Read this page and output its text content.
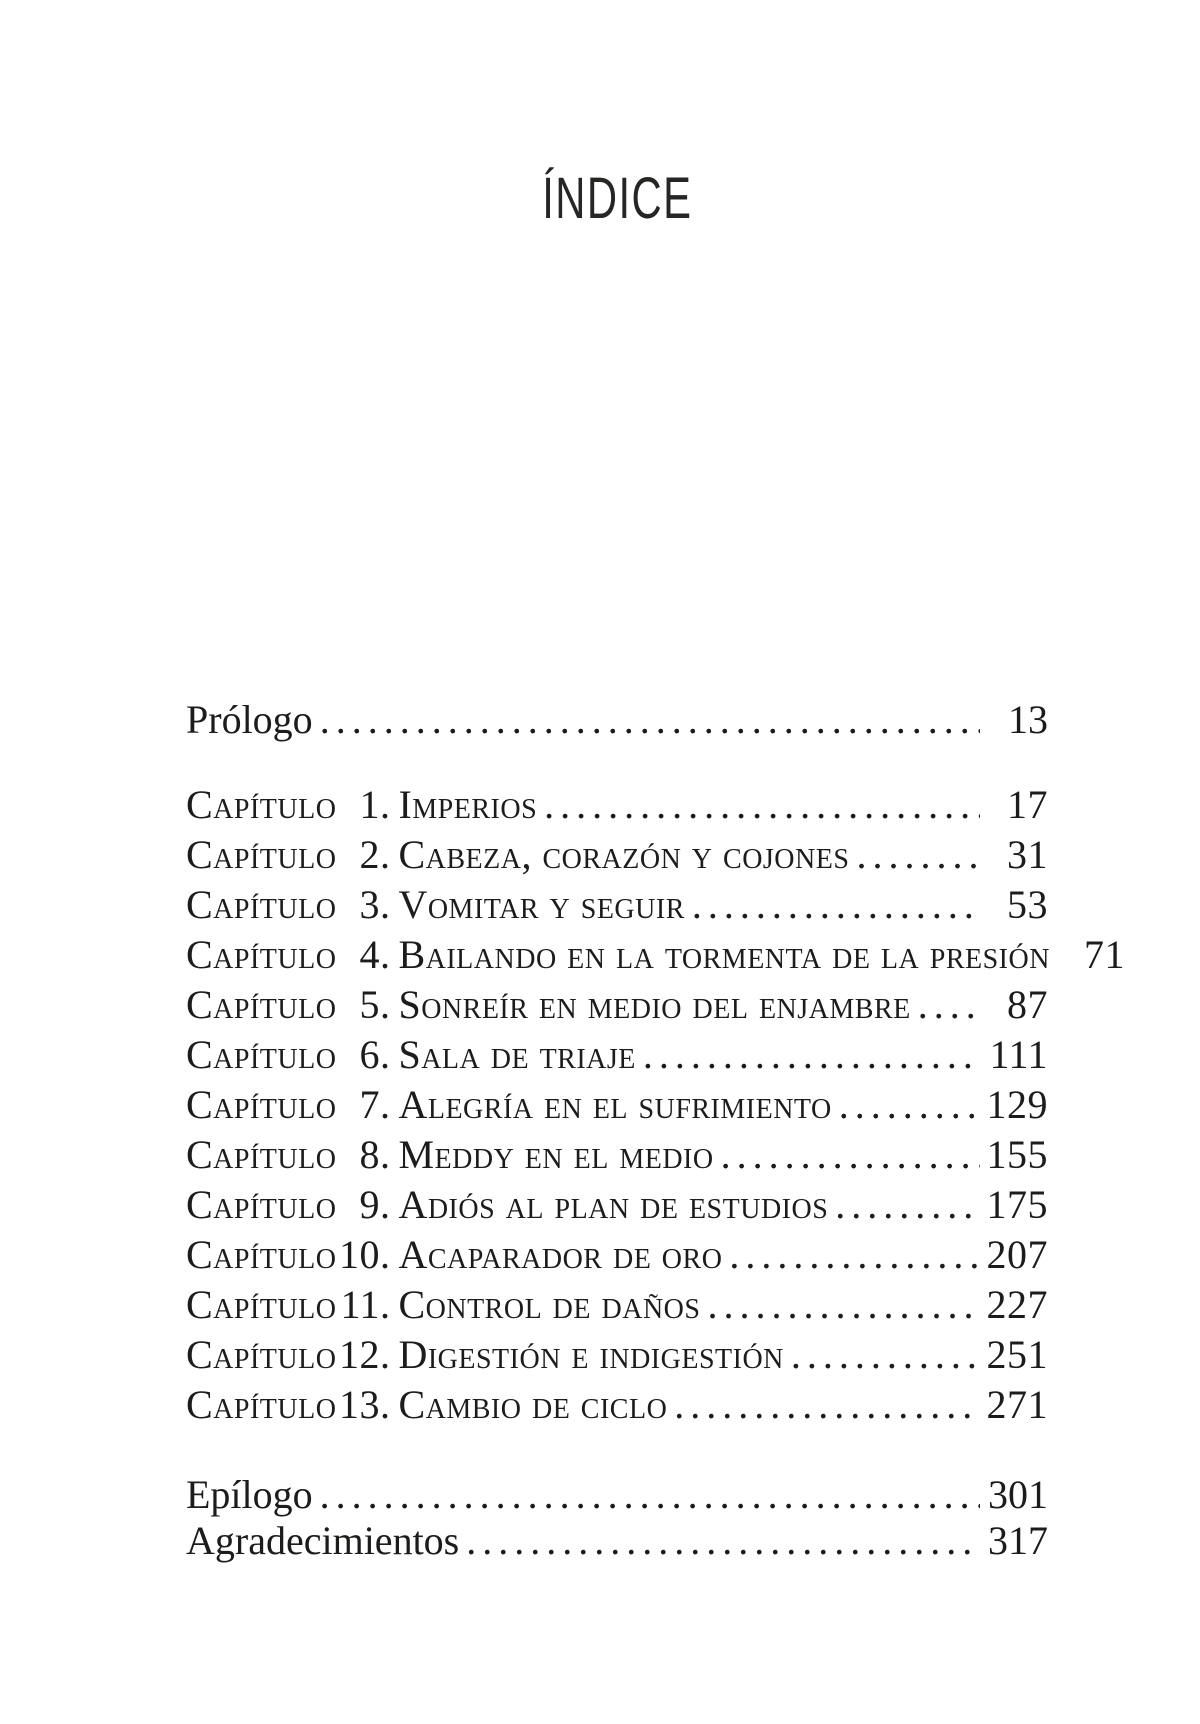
ÍNDICE
Prólogo .....	13
Capítulo 1. Imperios .....	17
Capítulo 2. Cabeza, corazón y cojones .....	31
Capítulo 3. Vomitar y seguir .....	53
Capítulo 4. Bailando en la tormenta de la presión 71
Capítulo 5. Sonreír en medio del enjambre .....	87
Capítulo 6. Sala de triaje .....	111
Capítulo 7. Alegría en el sufrimiento .....	129
Capítulo 8. Meddy en el medio .....	155
Capítulo 9. Adiós al plan de estudios .....	175
Capítulo 10. Acaparador de oro .....	207
Capítulo 11. Control de daños .....	227
Capítulo 12. Digestión e indigestión .....	251
Capítulo 13. Cambio de ciclo .....	271
Epílogo .....	301
Agradecimientos .....	317
